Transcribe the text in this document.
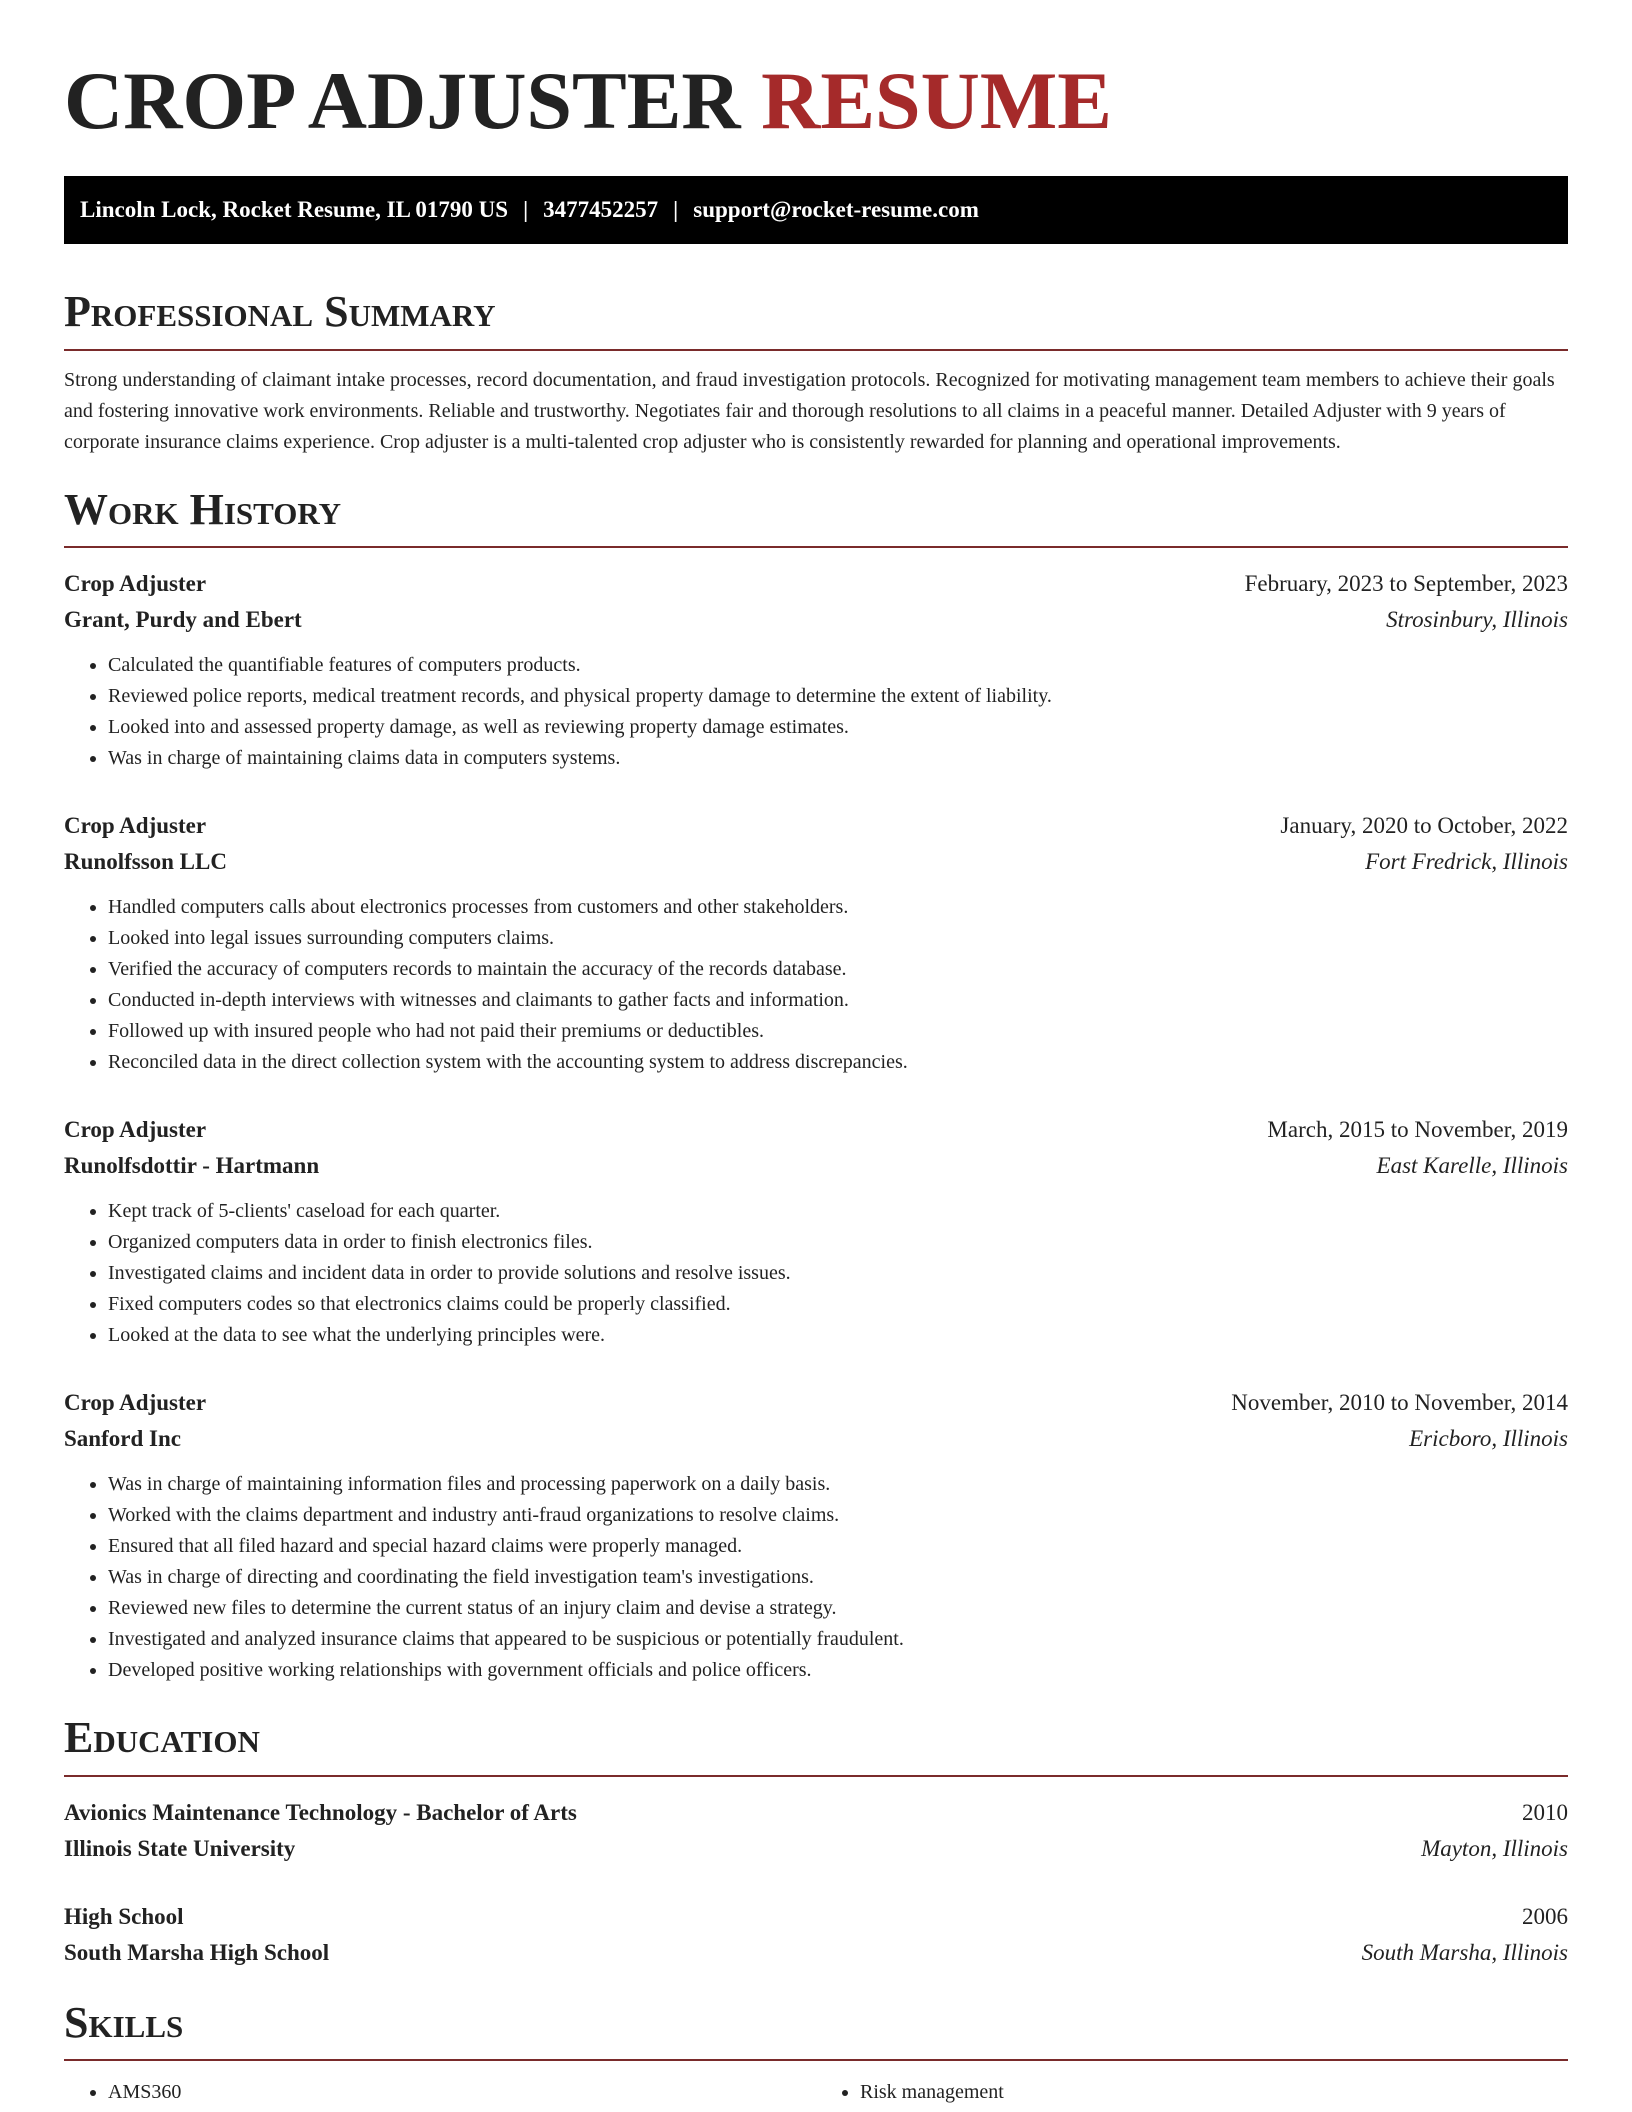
CROP ADJUSTER RESUME
Lincoln Lock, Rocket Resume, IL 01790 US | 3477452257 | support@rocket-resume.com
Professional Summary

Strong understanding of claimant intake processes, record documentation, and fraud investigation protocols. Recognized for motivating management team members to achieve their goals and fostering innovative work environments. Reliable and trustworthy. Negotiates fair and thorough resolutions to all claims in a peaceful manner. Detailed Adjuster with 9 years of corporate insurance claims experience. Crop adjuster is a multi-talented crop adjuster who is consistently rewarded for planning and operational improvements.

Work History
Crop Adjuster	February, 2023 to September, 2023
Grant, Purdy and Ebert	Strosinbury, Illinois
• Calculated the quantifiable features of computers products.
• Reviewed police reports, medical treatment records, and physical property damage to determine the extent of liability.
• Looked into and assessed property damage, as well as reviewing property damage estimates.
• Was in charge of maintaining claims data in computers systems.
Crop Adjuster	January, 2020 to October, 2022
Runolfsson LLC	Fort Fredrick, Illinois
• Handled computers calls about electronics processes from customers and other stakeholders.
• Looked into legal issues surrounding computers claims.
• Verified the accuracy of computers records to maintain the accuracy of the records database.
• Conducted in-depth interviews with witnesses and claimants to gather facts and information.
• Followed up with insured people who had not paid their premiums or deductibles.
• Reconciled data in the direct collection system with the accounting system to address discrepancies.
Crop Adjuster	March, 2015 to November, 2019
Runolfsdottir - Hartmann	East Karelle, Illinois
• Kept track of 5-clients' caseload for each quarter.
• Organized computers data in order to finish electronics files.
• Investigated claims and incident data in order to provide solutions and resolve issues.
• Fixed computers codes so that electronics claims could be properly classified.
• Looked at the data to see what the underlying principles were.
Crop Adjuster	November, 2010 to November, 2014
Sanford Inc	Ericboro, Illinois
• Was in charge of maintaining information files and processing paperwork on a daily basis.
• Worked with the claims department and industry anti-fraud organizations to resolve claims.
• Ensured that all filed hazard and special hazard claims were properly managed.
• Was in charge of directing and coordinating the field investigation team's investigations.
• Reviewed new files to determine the current status of an injury claim and devise a strategy.
• Investigated and analyzed insurance claims that appeared to be suspicious or potentially fraudulent.
• Developed positive working relationships with government officials and police officers.
Education
Avionics Maintenance Technology - Bachelor of Arts	2010
Illinois State University	Mayton, Illinois
High School	2006
South Marsha High School	South Marsha, Illinois
Skills
• AMS360
•	Risk management
